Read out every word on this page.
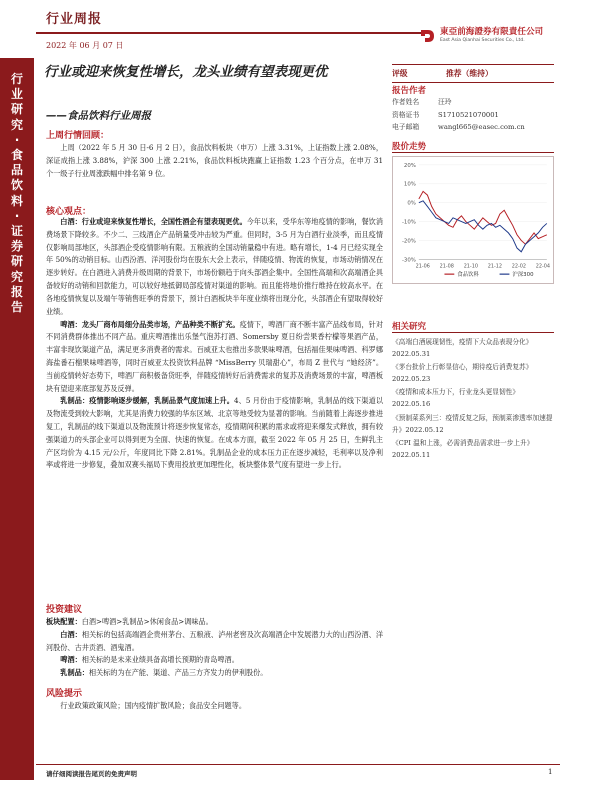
行业周报
2022 年 06 月 07 日
東亞前海證券有限責任公司
East Asia Qianhai Securities Co., Ltd.
行
业
研
究
·
食
品
饮
料
·
证
券
研
究
报
告
行业或迎来恢复性增长，龙头业绩有望表现更优
——食品饮料行业周报
上周行情回顾：
上周（2022 年 5 月 30 日-6 月 2 日），食品饮料板块（申万）上涨 3.31%，上证指数上涨 2.08%，深证成指上涨 3.88%，沪深 300 上涨 2.21%，食品饮料板块跑赢上证指数 1.23 个百分点，在申万 31 个一级子行业周涨跌幅中排名第 9 位。
核心观点：
白酒：行业或迎来恢复性增长，全国性酒企有望表现更优。今年以来，受华东等地疫情的影响，餐饮消费场景下降较多。不少二、三线酒企产品销量受冲击较为严重。但同时，3-5 月为白酒行业淡季，而且疫情仅影响局部地区，头部酒企受疫情影响有限。五粮液的全国动销量稳中有进。略有增长，1-4 月已经实现全年 50%的动销目标。山西汾酒、洋河股份均在股东大会上表示，伴随疫情、物流的恢复，市场动销情况在逐步转好。在白酒进入消费升级周期的背景下，市场份额趋于向头部酒企集中。全国性高端和次高端酒企具备较好的动销和回款能力，可以较好地抵御局部疫情对渠道的影响。而且能将地价推行维持在较高水平。在各地疫情恢复以及端午等销售旺季的背景下，预计白酒板块半年度业绩将出现分化，头部酒企有望取得较好业绩。
啤酒：龙头厂商布局细分品类市场，产品种类不断扩充。疫情下，啤酒厂商不断丰富产品线布局，针对不同消费群体推出不同产品。重庆啤酒推出乐堡气泡苏打酒、Somersby 夏日纷尝果香柠檬等果酒产品，丰富非现饮渠道产品，满足更多消费者的需求。百威亚太也推出多款果味啤酒，包括福佳果味啤酒、科罗娜海盐番石榴果味啤酒等，同时百威亚太投资饮料品牌 “MissBerry 贝瑞甜心”，布局 Z 世代与 “她经济”。当前疫情转好态势下，啤酒厂商积极备货旺季，伴随疫情转好后消费需求的复苏及消费场景的丰富，啤酒板块有望迎来底部复苏及反弹。
乳制品：疫情影响逐步缓解，乳制品景气度加速上升。4、5 月份由于疫情影响，乳制品的线下渠道以及物流受到较大影响，尤其是消费力较强的华东区域、北京等地受较为显著的影响。当前随着上海逐步推进复工，乳制品的线下渠道以及物流预计将逐步恢复常态，疫情期间积累的需求或将迎来爆发式释放，拥有较强渠道力的头部企业可以得到更为全面、快速的恢复。在成本方面，截至 2022 年 05 月 25 日，生鲜乳主产区均价为 4.15 元/公斤，年度同比下降 2.81%。乳制品企业的成本压力正在逐步减轻，毛利率以及净利率或将进一步修复，叠加双赛头福局下费用投放更加理性化，板块整体景气度有望进一步上行。
投资建议
板块配置：白酒>啤酒>乳制品>休闲食品>调味品。
白酒：相关标的包括高端酒企贵州茅台、五粮液、泸州老窖及次高端酒企中发展潜力大的山西汾酒、洋河股份、古井贡酒、酒鬼酒。
啤酒：相关标的是未来业绩具备高增长预期的青岛啤酒。
乳制品：相关标的为在产能、渠道、产品三方齐发力的伊利股份。
风险提示
行业政策政策风险；国内疫情扩散风险；食品安全问题等。
评级	推荐（维持）
报告作者
作者姓名	汪玲
资格证书	S1710521070001
电子邮箱	wangl665@easec.com.cn
股价走势
20%
10%
0%
-10%
-20%
-30%
21-06 21-08 21-10 21-12 22-02 22-04
食品饮料	沪深300
相关研究
《高端白酒展现韧性，疫情下大众品表现分化》2022.05.31
《茅台批价上行彰显信心，期待疫后消费复苏》2022.05.23
《疫情和成本压力下，行业龙头更显韧性》2022.05.16
《预制菜系列三：疫情反复之际，预制菜渗透率加速提升》2022.05.12
《CPI 温和上涨，必需消费品需求进一步上升》2022.05.11
请仔细阅读报告尾页的免责声明	1
